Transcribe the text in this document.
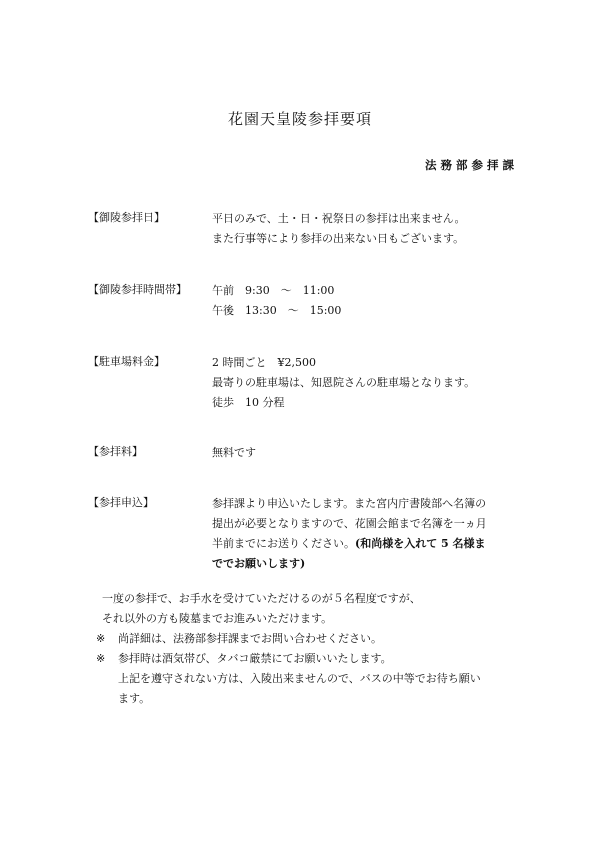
花園天皇陵参拝要項
法務部参拝課
【御陵参拝日】	平日のみで、土・日・祝祭日の参拝は出来ません。
また行事等により参拝の出来ない日もございます。
【御陵参拝時間帯】 午前　9:30　～　11:00
午後　13:30　～　15:00
【駐車場料金】	2 時間ごと　¥2,500
最寄りの駐車場は、知恩院さんの駐車場となります。
徒歩　10 分程
【参拝料】	無料です
【参拝申込】	参拝課より申込いたします。また宮内庁書陵部へ名簿の
提出が必要となりますので、花園会館まで名簿を一ヵ月
半前までにお送りください。(和尚様を入れて 5 名様ま
ででお願いします)
一度の参拝で、お手水を受けていただけるのが５名程度ですが、
それ以外の方も陵墓までお進みいただけます。
※ 尚詳細は、法務部参拝課までお問い合わせください。
※ 参拝時は酒気帯び、タバコ厳禁にてお願いいたします。
上記を遵守されない方は、入陵出来ませんので、バスの中等でお待ち願い
ます。
